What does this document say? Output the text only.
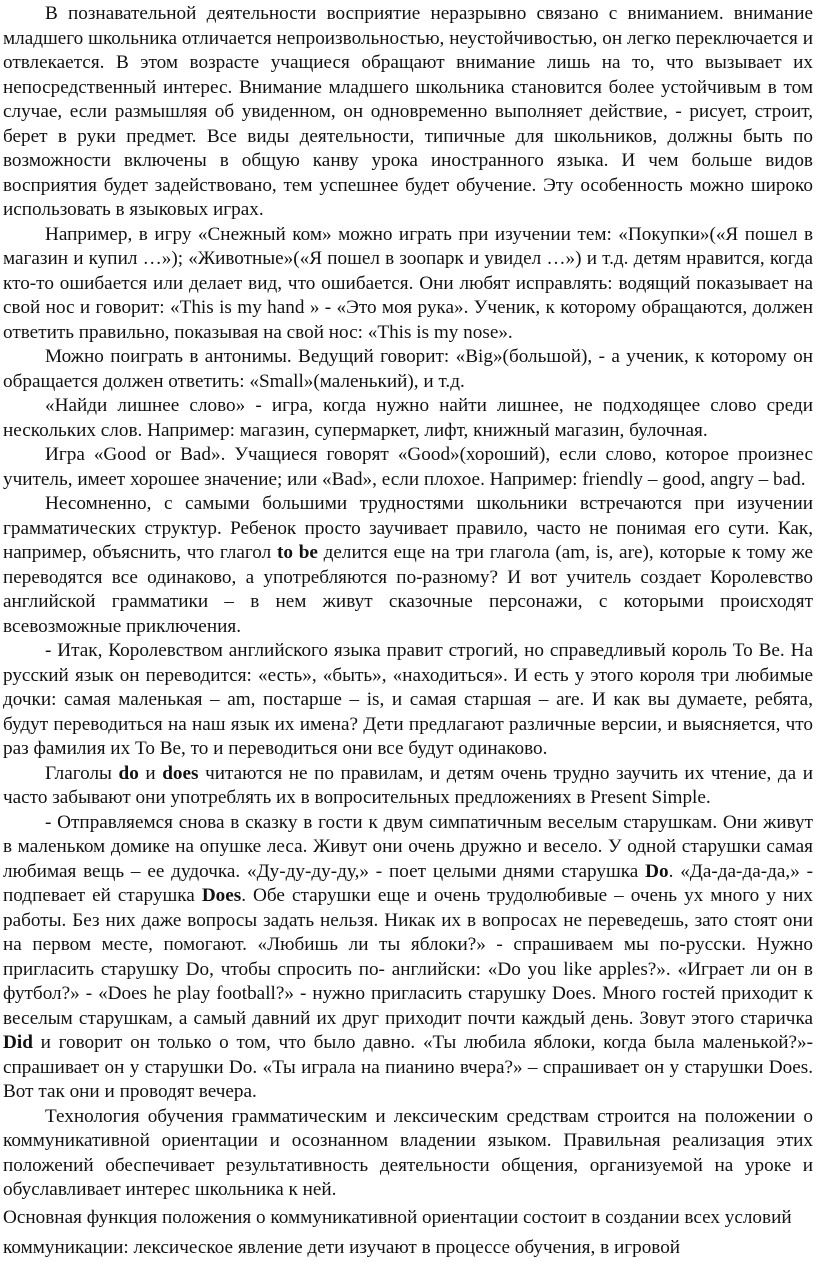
В познавательной деятельности восприятие неразрывно связано с вниманием. внимание младшего школьника отличается непроизвольностью, неустойчивостью, он легко переключается и отвлекается. В этом возрасте учащиеся обращают внимание лишь на то, что вызывает их непосредственный интерес. Внимание младшего школьника становится более устойчивым в том случае, если размышляя об увиденном, он одновременно выполняет действие, - рисует, строит, берет в руки предмет. Все виды деятельности, типичные для школьников, должны быть по возможности включены в общую канву урока иностранного языка. И чем больше видов восприятия будет задействовано, тем успешнее будет обучение. Эту особенность можно широко использовать в языковых играх.

Например, в игру «Снежный ком» можно играть при изучении тем: «Покупки»(«Я пошел в магазин и купил …»); «Животные»(«Я пошел в зоопарк и увидел …») и т.д. детям нравится, когда кто-то ошибается или делает вид, что ошибается. Они любят исправлять: водящий показывает на свой нос и говорит: «This is my hand » - «Это моя рука». Ученик, к которому обращаются, должен ответить правильно, показывая на свой нос: «This is my nose».

Можно поиграть в антонимы. Ведущий говорит: «Big»(большой), - а ученик, к которому он обращается должен ответить: «Small»(маленький), и т.д.

«Найди лишнее слово» - игра, когда нужно найти лишнее, не подходящее слово среди нескольких слов. Например: магазин, супермаркет, лифт, книжный магазин, булочная.

Игра «Good or Bad». Учащиеся говорят «Good»(хороший), если слово, которое произнес учитель, имеет хорошее значение; или «Bad», если плохое. Например: friendly – good, angry – bad.

Несомненно, с самыми большими трудностями школьники встречаются при изучении грамматических структур. Ребенок просто заучивает правило, часто не понимая его сути. Как, например, объяснить, что глагол to be делится еще на три глагола (am, is, are), которые к тому же переводятся все одинаково, а употребляются по-разному? И вот учитель создает Королевство английской грамматики – в нем живут сказочные персонажи, с которыми происходят всевозможные приключения.

- Итак, Королевством английского языка правит строгий, но справедливый король To Be. На русский язык он переводится: «есть», «быть», «находиться». И есть у этого короля три любимые дочки: самая маленькая – am, постарше – is, и самая старшая – are. И как вы думаете, ребята, будут переводиться на наш язык их имена? Дети предлагают различные версии, и выясняется, что раз фамилия их To Be, то и переводиться они все будут одинаково.

Глаголы do и does читаются не по правилам, и детям очень трудно заучить их чтение, да и часто забывают они употреблять их в вопросительных предложениях в Present Simple.

- Отправляемся снова в сказку в гости к двум симпатичным веселым старушкам. Они живут в маленьком домике на опушке леса. Живут они очень дружно и весело. У одной старушки самая любимая вещь – ее дудочка. «Ду-ду-ду-ду,» - поет целыми днями старушка Do. «Да-да-да-да,» - подпевает ей старушка Does. Обе старушки еще и очень трудолюбивые – очень ух много у них работы. Без них даже вопросы задать нельзя. Никак их в вопросах не переведешь, зато стоят они на первом месте, помогают. «Любишь ли ты яблоки?» - спрашиваем мы по-русски. Нужно пригласить старушку Do, чтобы спросить по- английски: «Do you like apples?». «Играет ли он в футбол?» - «Does he play football?» - нужно пригласить старушку Does. Много гостей приходит к веселым старушкам, а самый давний их друг приходит почти каждый день. Зовут этого старичка Did и говорит он только о том, что было давно. «Ты любила яблоки, когда была маленькой?»- спрашивает он у старушки Do. «Ты играла на пианино вчера?» – спрашивает он у старушки Does. Вот так они и проводят вечера.

Технология обучения грамматическим и лексическим средствам строится на положении о коммуникативной ориентации и осознанном владении языком. Правильная реализация этих положений обеспечивает результативность деятельности общения, организуемой на уроке и обуславливает интерес школьника к ней.

Основная функция положения о коммуникативной ориентации состоит в создании всех условий коммуникации: лексическое явление дети изучают в процессе обучения, в игровой
